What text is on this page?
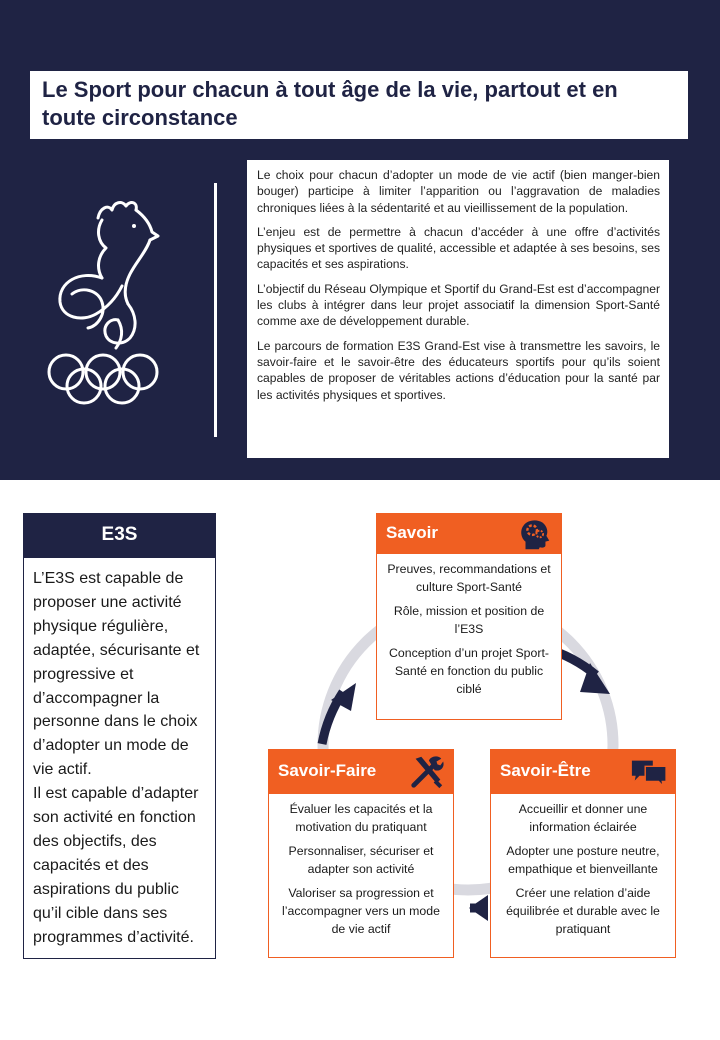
Le Sport pour chacun à tout âge de la vie, partout et en toute circonstance

Le choix pour chacun d’adopter un mode de vie actif (bien manger-bien bouger) participe à limiter l’apparition ou l’aggravation de maladies chroniques liées à la sédentarité et au vieillissement de la population.

L’enjeu est de permettre à chacun d’accéder à une offre d’activités physiques et sportives de qualité, accessible et adaptée à ses besoins, ses capacités et ses aspirations.

L’objectif du Réseau Olympique et Sportif du Grand-Est est d’accompagner les clubs à intégrer dans leur projet associatif la dimension Sport-Santé comme axe de développement durable.

Le parcours de formation E3S Grand-Est vise à transmettre les savoirs, le savoir-faire et le savoir-être des éducateurs sportifs pour qu’ils soient capables de proposer de véritables actions d’éducation pour la santé par les activités physiques et sportives.

E3S

L’E3S est capable de proposer une activité physique régulière, adaptée, sécurisante et progressive et d’accompagner la personne dans le choix d’adopter un mode de vie actif.

Il est capable d’adapter son activité en fonction des objectifs, des capacités et des aspirations du public qu’il cible dans ses programmes d’activité.

Savoir

Preuves, recommandations et culture Sport-Santé

Rôle, mission et position de l’E3S

Conception d’un projet Sport-Santé en fonction du public ciblé

Savoir-Faire

Évaluer les capacités et la motivation du pratiquant

Personnaliser, sécuriser et adapter son activité

Valoriser sa progression et l’accompagner vers un mode de vie actif

Savoir-Être

Accueillir et donner une information éclairée

Adopter une posture neutre, empathique et bienveillante

Créer une relation d’aide équilibrée et durable avec le pratiquant
